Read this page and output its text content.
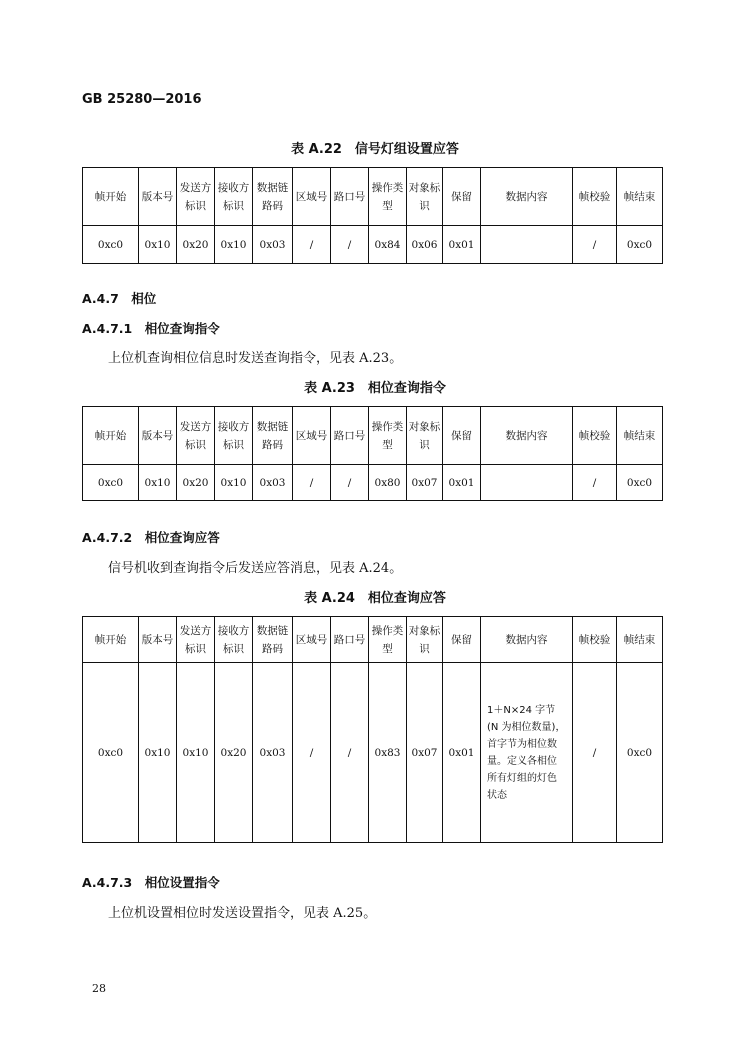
GB 25280—2016
表 A.22　信号灯组设置应答
帧开始	版本号	发送方标识	接收方标识	数据链路码	区域号	路口号	操作类型	对象标识	保留	数据内容	帧校验	帧结束
0xc0	0x10	0x20	0x10	0x03	/	/	0x84	0x06	0x01		/	0xc0
A.4.7　相位
A.4.7.1　相位查询指令
上位机查询相位信息时发送查询指令，见表 A.23。
表 A.23　相位查询指令
帧开始	版本号	发送方标识	接收方标识	数据链路码	区域号	路口号	操作类型	对象标识	保留	数据内容	帧校验	帧结束
0xc0	0x10	0x20	0x10	0x03	/	/	0x80	0x07	0x01		/	0xc0
A.4.7.2　相位查询应答
信号机收到查询指令后发送应答消息，见表 A.24。
表 A.24　相位查询应答
帧开始	版本号	发送方标识	接收方标识	数据链路码	区域号	路口号	操作类型	对象标识	保留	数据内容	帧校验	帧结束
0xc0	0x10	0x10	0x20	0x03	/	/	0x83	0x07	0x01	1＋N×24 字节
(N 为相位数量)，首字节为相位数量。定义各相位所有灯组的灯色状态	/	0xc0
A.4.7.3　相位设置指令
上位机设置相位时发送设置指令，见表 A.25。
28
